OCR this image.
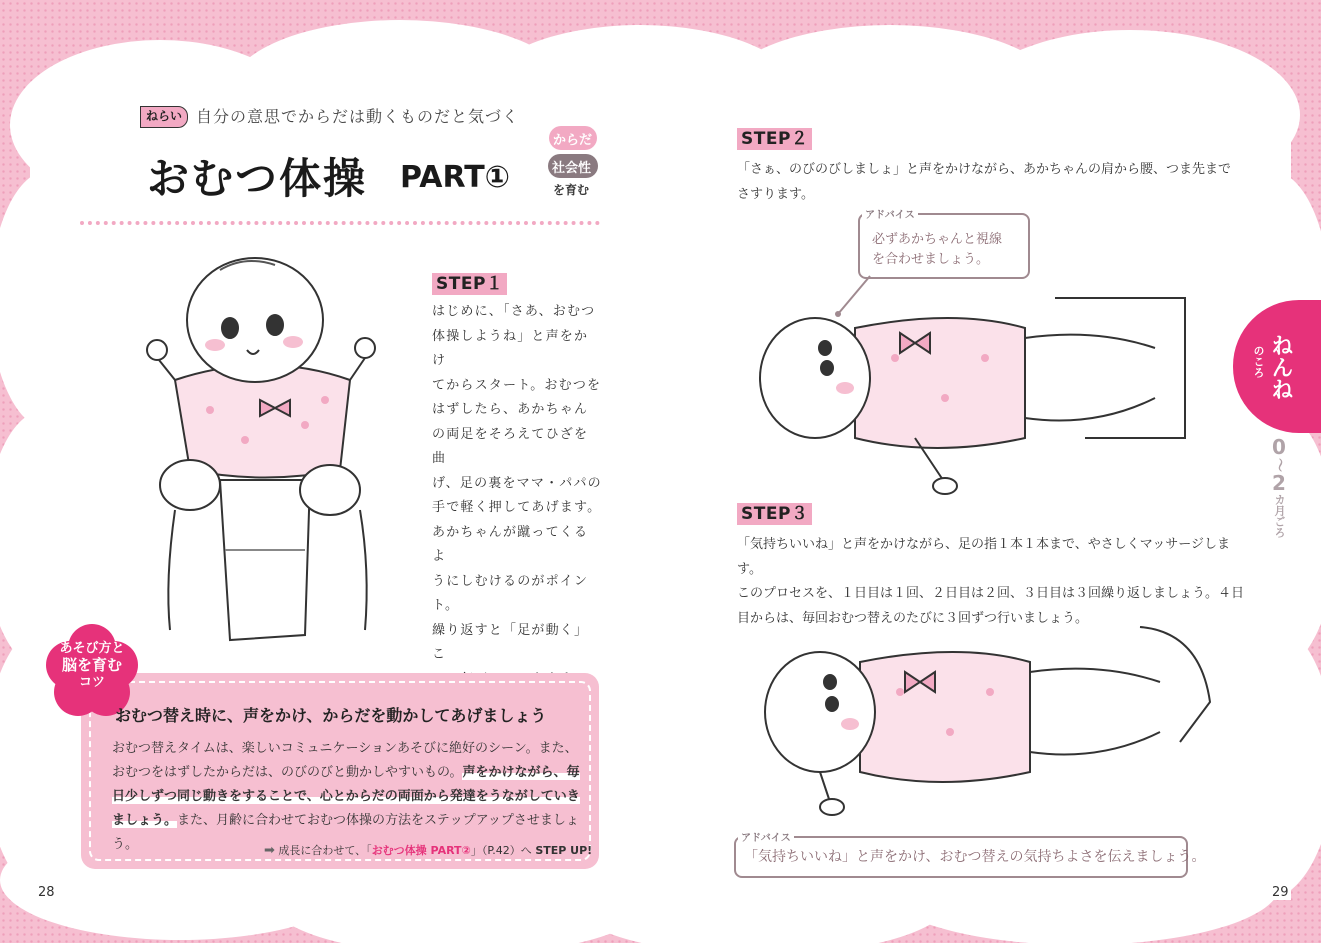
ねらい 自分の意思でからだは動くものだと気づく
おむつ体操 PART①
からだ
社会性
を育む
STEP１
はじめに、「さあ、おむつ
体操しようね」と声をかけ
てからスタート。おむつを
はずしたら、あかちゃん
の両足をそろえてひざを曲
げ、足の裏をママ・パパの
手で軽く押してあげます。
あかちゃんが蹴ってくるよ
うにしむけるのがポイント。
繰り返すと「足が動く」こ
あそび方と
脳を育む
コツ
おむつ替え時に、声をかけ、からだを動かしてあげましょう
おむつ替えタイムは、楽しいコミュニケーションあそびに絶好のシーン。また、おむつをはずしたからだは、のびのびと動かしやすいもの。声をかけながら、毎日少しずつ同じ動きをすることで、心とからだの両面から発達をうながしていきましょう。また、月齢に合わせておむつ体操の方法をステップアップさせましょう。	➡ 成長に合わせて、「おむつ体操 PART②」（P.42）へ STEP UP!
28
STEP２
「さぁ、のびのびしましょ」と声をかけながら、あかちゃんの肩から腰、つま先まで
さすります。
アドバイス
必ずあかちゃんと視線
を合わせましょう。
STEP３
「気持ちいいね」と声をかけながら、足の指１本１本まで、やさしくマッサージします。
このプロセスを、１日目は１回、２日目は２回、３日目は３回繰り返しましょう。４日
目からは、毎回おむつ替えのたびに３回ずつ行いましょう。
アドバイス
「気持ちいいね」と声をかけ、おむつ替えの気持ちよさを伝えましょう。
29
のころ ねんね
0
～
2
カ月ごろ
